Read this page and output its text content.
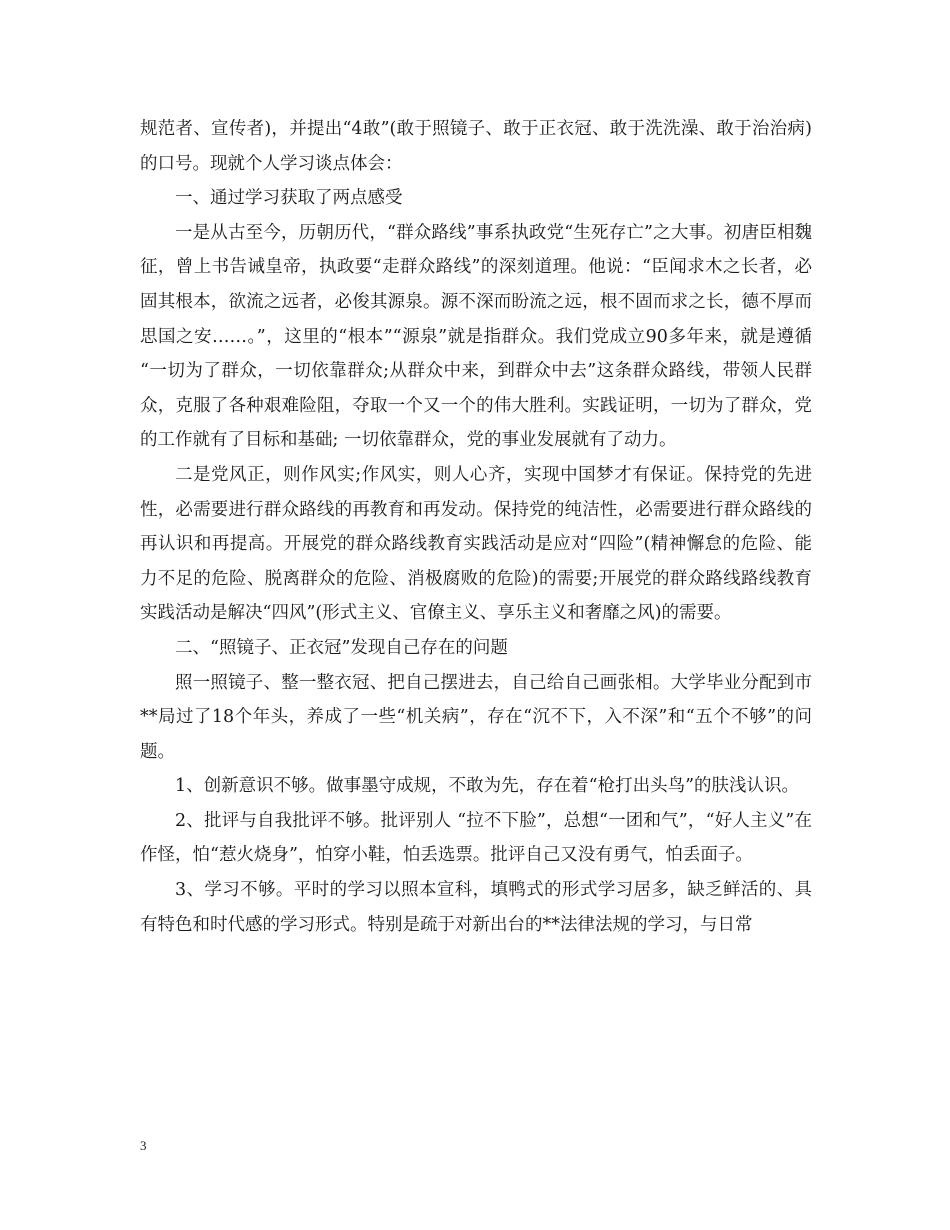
规范者、宣传者)，并提出“4敢”(敢于照镜子、敢于正衣冠、敢于洗洗澡、敢于治治病)的口号。现就个人学习谈点体会：

一、通过学习获取了两点感受

一是从古至今，历朝历代，“群众路线”事系执政党“生死存亡”之大事。初唐臣相魏征，曾上书告诫皇帝，执政要“走群众路线”的深刻道理。他说：“臣闻求木之长者，必固其根本，欲流之远者，必俊其源泉。源不深而盼流之远，根不固而求之长，德不厚而思国之安……。”，这里的“根本”“源泉”就是指群众。我们党成立90多年来，就是遵循 “一切为了群众，一切依靠群众;从群众中来，到群众中去”这条群众路线，带领人民群众，克服了各种艰难险阻，夺取一个又一个的伟大胜利。实践证明，一切为了群众，党的工作就有了目标和基础; 一切依靠群众，党的事业发展就有了动力。

二是党风正，则作风实;作风实，则人心齐，实现中国梦才有保证。保持党的先进性，必需要进行群众路线的再教育和再发动。保持党的纯洁性，必需要进行群众路线的再认识和再提高。开展党的群众路线教育实践活动是应对“四险”(精神懈怠的危险、能力不足的危险、脱离群众的危险、消极腐败的危险)的需要;开展党的群众路线路线教育实践活动是解决“四风”(形式主义、官僚主义、享乐主义和奢靡之风)的需要。

二、“照镜子、正衣冠”发现自己存在的问题

照一照镜子、整一整衣冠、把自己摆进去，自己给自己画张相。大学毕业分配到市**局过了18个年头，养成了一些“机关病”，存在“沉不下，入不深”和“五个不够”的问题。

1、创新意识不够。做事墨守成规，不敢为先，存在着“枪打出头鸟”的肤浅认识。

2、批评与自我批评不够。批评别人 “拉不下脸”，总想“一团和气”，“好人主义”在作怪，怕“惹火烧身”，怕穿小鞋，怕丢选票。批评自己又没有勇气，怕丢面子。

3、学习不够。平时的学习以照本宣科，填鸭式的形式学习居多，缺乏鲜活的、具有特色和时代感的学习形式。特别是疏于对新出台的**法律法规的学习，与日常

3
